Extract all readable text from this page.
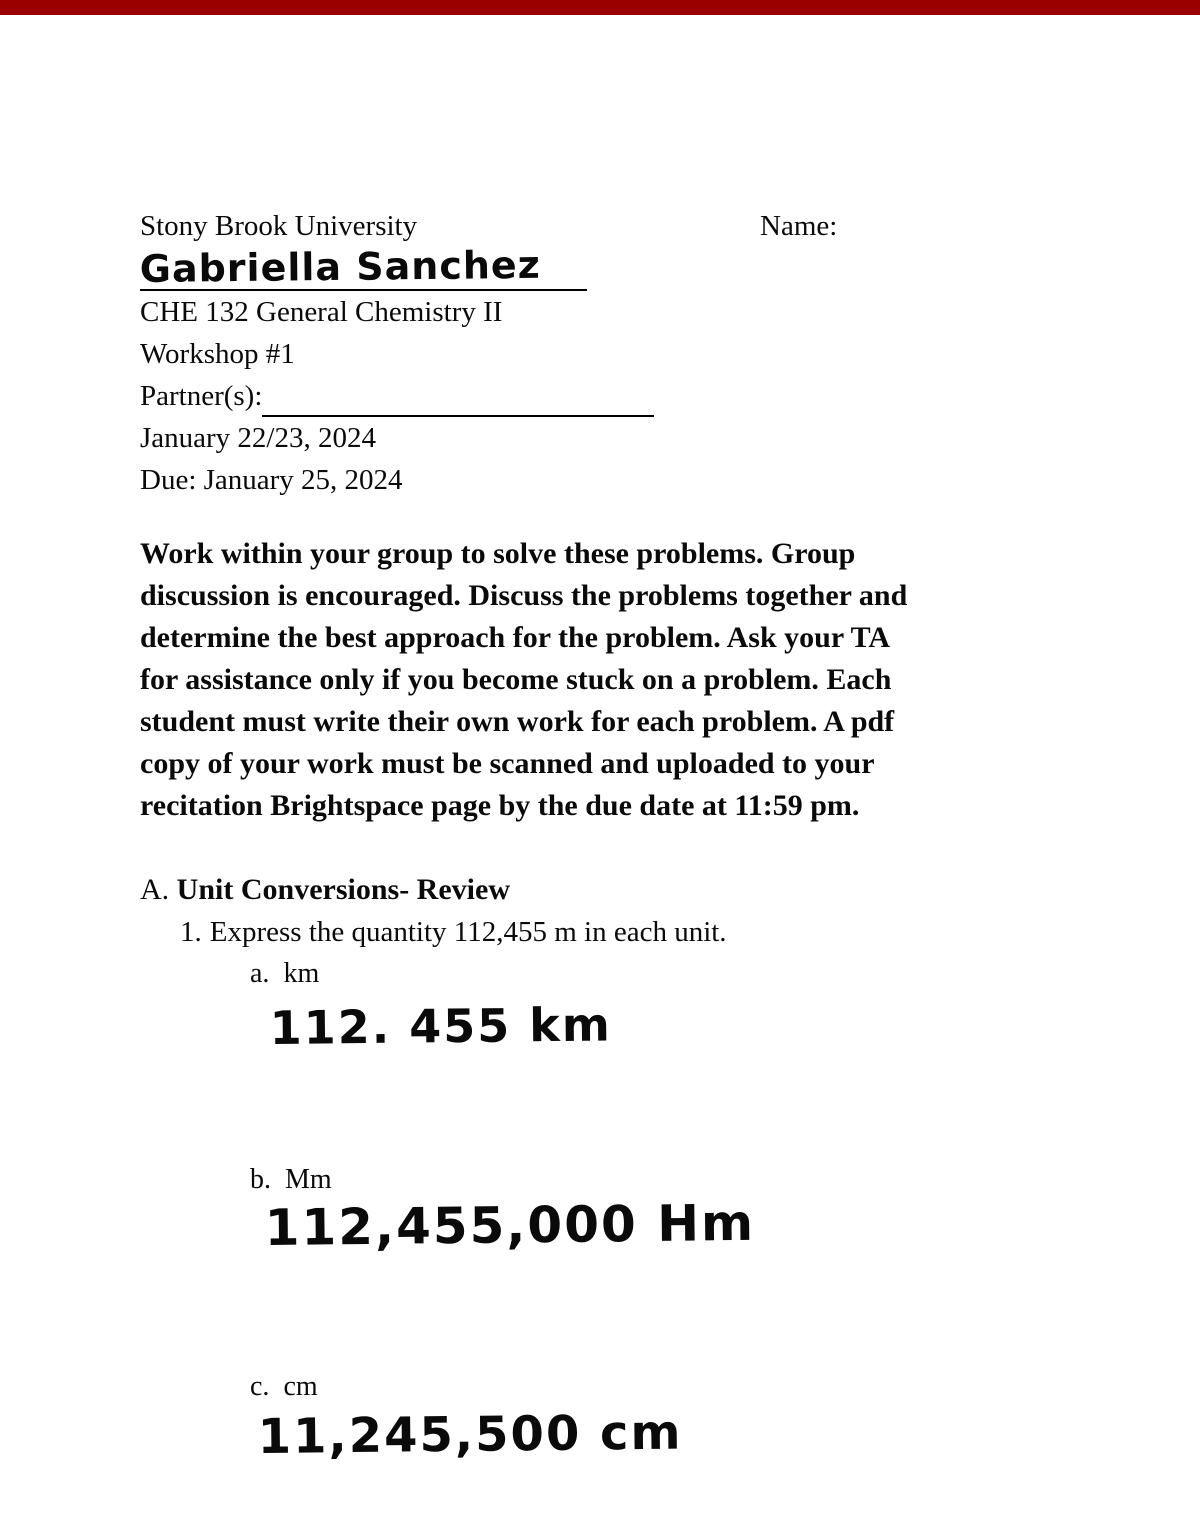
Stony Brook University	Name:
Gabriella Sanchez
CHE 132 General Chemistry II
Workshop #1
Partner(s):
January 22/23, 2024
Due: January 25, 2024
Work within your group to solve these problems. Group
discussion is encouraged. Discuss the problems together and
determine the best approach for the problem. Ask your TA
for assistance only if you become stuck on a problem. Each
student must write their own work for each problem. A pdf
copy of your work must be scanned and uploaded to your
recitation Brightspace page by the due date at 11:59 pm.
A. Unit Conversions- Review
1. Express the quantity 112,455 m in each unit.
a. km
112. 455 km
b. Mm
112,455,000 Hm
c. cm
11,245,500 cm
